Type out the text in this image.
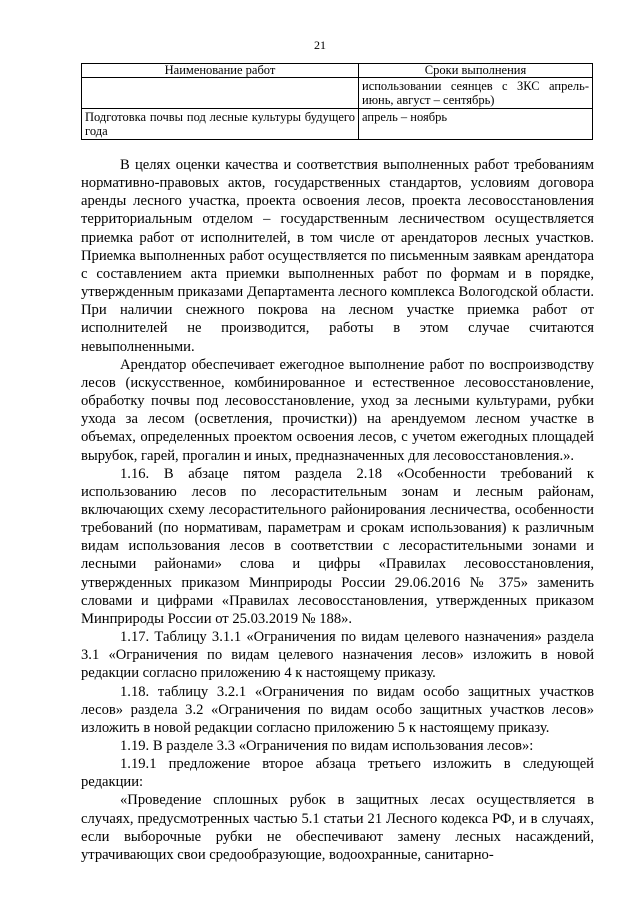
21
Наименование работ	Сроки выполнения
	использовании сеянцев с ЗКС апрель-июнь, август – сентябрь)
Подготовка почвы под лесные культуры будущего года	апрель – ноябрь

В целях оценки качества и соответствия выполненных работ требованиям нормативно-правовых актов, государственных стандартов, условиям договора аренды лесного участка, проекта освоения лесов, проекта лесовосстановления территориальным отделом – государственным лесничеством осуществляется приемка работ от исполнителей, в том числе от арендаторов лесных участков. Приемка выполненных работ осуществляется по письменным заявкам арендатора с составлением акта приемки выполненных работ по формам и в порядке, утвержденным приказами Департамента лесного комплекса Вологодской области. При наличии снежного покрова на лесном участке приемка работ от исполнителей не производится, работы в этом случае считаются невыполненными.

Арендатор обеспечивает ежегодное выполнение работ по воспроизводству лесов (искусственное, комбинированное и естественное лесовосстановление, обработку почвы под лесовосстановление, уход за лесными культурами, рубки ухода за лесом (осветления, прочистки)) на арендуемом лесном участке в объемах, определенных проектом освоения лесов, с учетом ежегодных площадей вырубок, гарей, прогалин и иных, предназначенных для лесовосстановления.».

1.16. В абзаце пятом раздела 2.18 «Особенности требований к использованию лесов по лесорастительным зонам и лесным районам, включающих схему лесорастительного районирования лесничества, особенности требований (по нормативам, параметрам и срокам использования) к различным видам использования лесов в соответствии с лесорастительными зонами и лесными районами» слова и цифры «Правилах лесовосстановления, утвержденных приказом Минприроды России 29.06.2016 № 375» заменить словами и цифрами «Правилах лесовосстановления, утвержденных приказом Минприроды России от 25.03.2019 № 188».

1.17. Таблицу 3.1.1 «Ограничения по видам целевого назначения» раздела 3.1 «Ограничения по видам целевого назначения лесов» изложить в новой редакции согласно приложению 4 к настоящему приказу.

1.18. таблицу 3.2.1 «Ограничения по видам особо защитных участков лесов» раздела 3.2 «Ограничения по видам особо защитных участков лесов» изложить в новой редакции согласно приложению 5 к настоящему приказу.

1.19. В разделе 3.3 «Ограничения по видам использования лесов»:

1.19.1 предложение второе абзаца третьего изложить в следующей редакции:

«Проведение сплошных рубок в защитных лесах осуществляется в случаях, предусмотренных частью 5.1 статьи 21 Лесного кодекса РФ, и в случаях, если выборочные рубки не обеспечивают замену лесных насаждений, утрачивающих свои средообразующие, водоохранные, санитарно-
